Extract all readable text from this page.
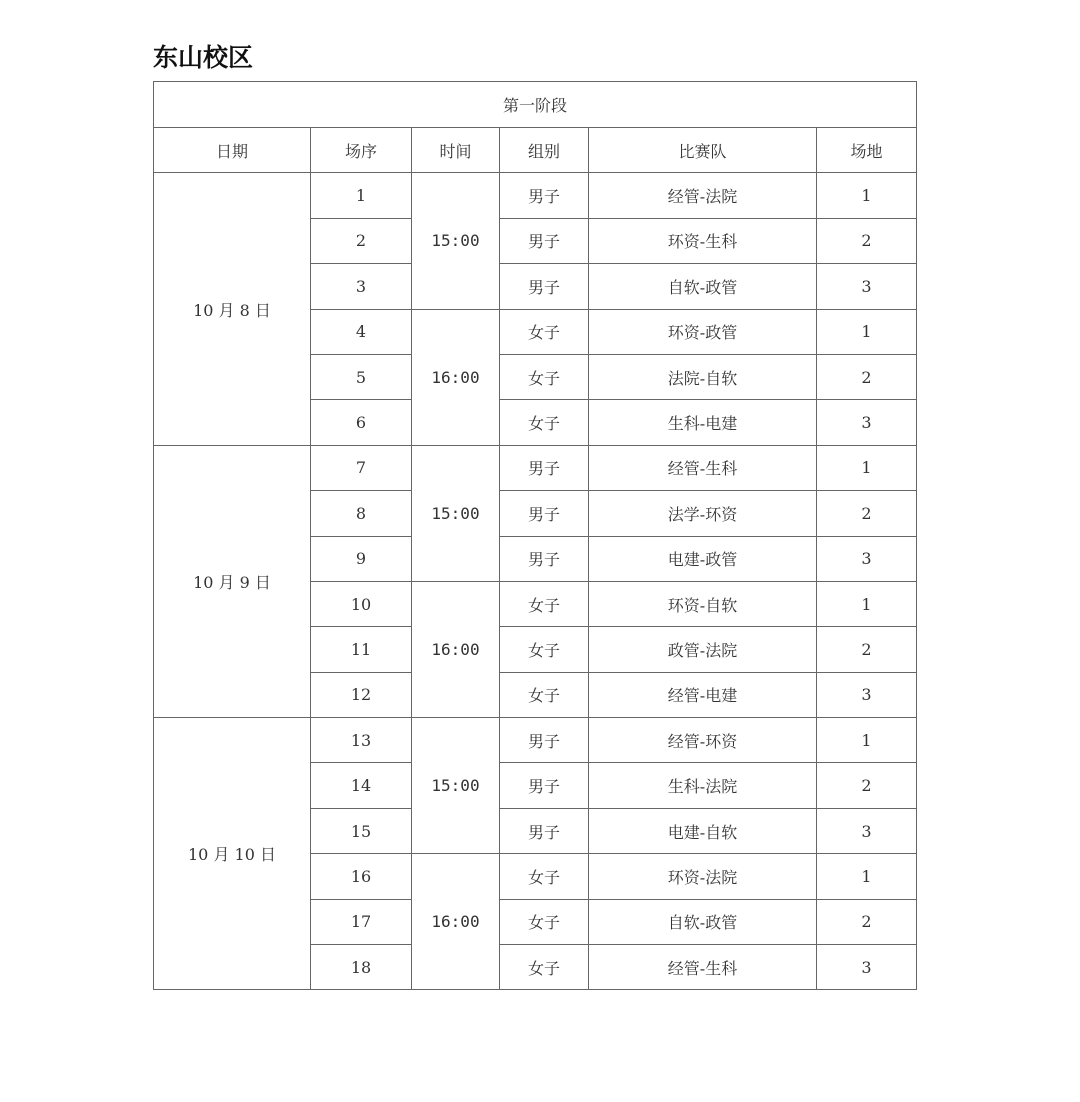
东山校区
第一阶段					
日期	场序	时间	组别	比赛队	场地
10 月 8 日	1	15:00	男子	经管-法院	1
	2		男子	环资-生科	2
	3		男子	自软-政管	3
	4	16:00	女子	环资-政管	1
	5		女子	法院-自软	2
	6		女子	生科-电建	3
10 月 9 日	7	15:00	男子	经管-生科	1
	8		男子	法学-环资	2
	9		男子	电建-政管	3
	10	16:00	女子	环资-自软	1
	11		女子	政管-法院	2
	12		女子	经管-电建	3
10 月 10 日	13	15:00	男子	经管-环资	1
	14		男子	生科-法院	2
	15		男子	电建-自软	3
	16	16:00	女子	环资-法院	1
	17		女子	自软-政管	2
	18		女子	经管-生科	3
